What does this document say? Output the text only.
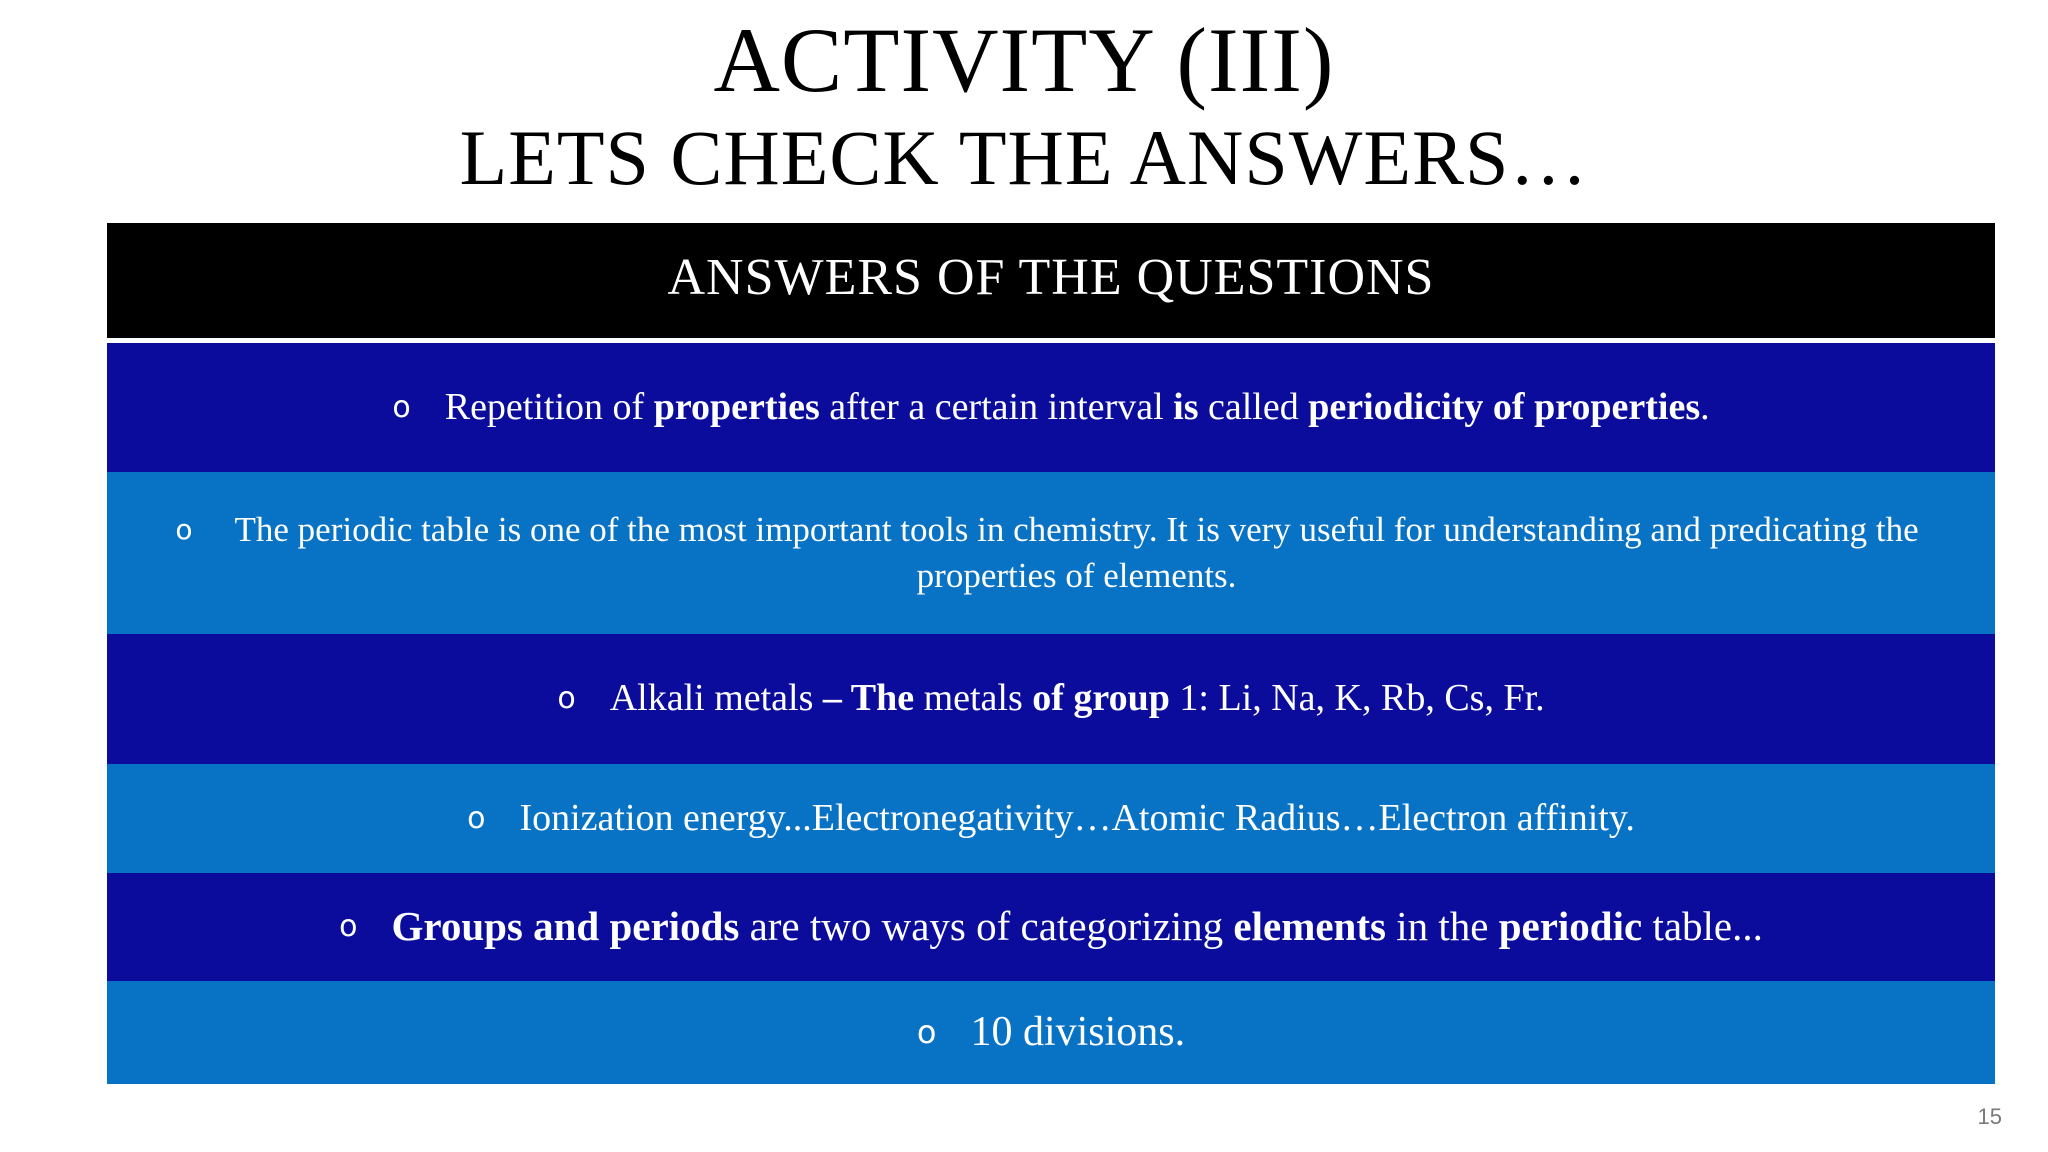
ACTIVITY (III)
LETS CHECK THE ANSWERS…
ANSWERS OF THE QUESTIONS
o Repetition of properties after a certain interval is called periodicity of properties.
o The periodic table is one of the most important tools in chemistry. It is very useful for understanding and predicating the properties of elements.
o Alkali metals – The metals of group 1: Li, Na, K, Rb, Cs, Fr.
o Ionization energy...Electronegativity…Atomic Radius…Electron affinity.
o Groups and periods are two ways of categorizing elements in the periodic table...
o 10 divisions.
15
